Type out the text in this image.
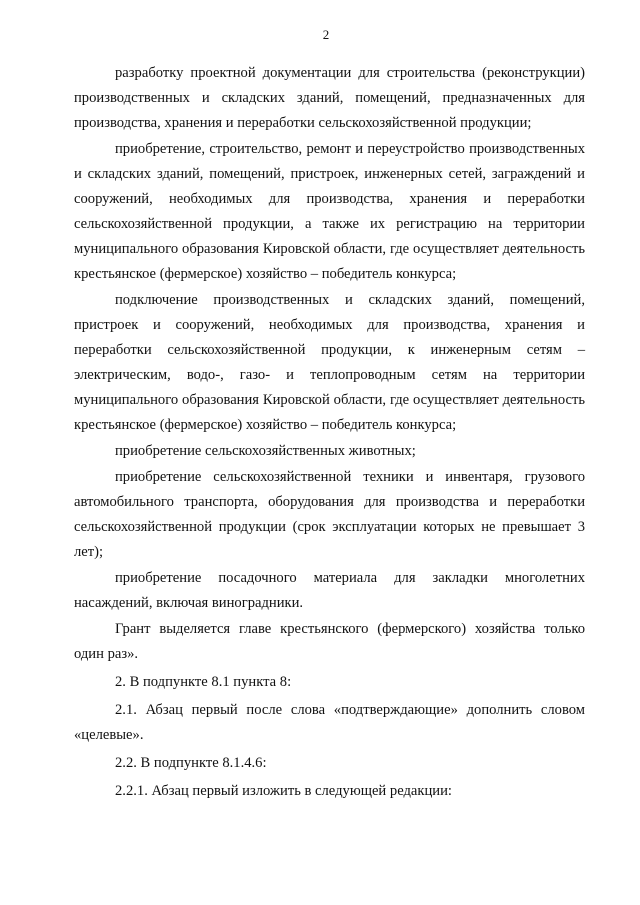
2

разработку проектной документации для строительства (реконструкции) производственных и складских зданий, помещений, предназначенных для производства, хранения и переработки сельскохозяйственной продукции;

приобретение, строительство, ремонт и переустройство производственных и складских зданий, помещений, пристроек, инженерных сетей, заграждений и сооружений, необходимых для производства, хранения и переработки сельскохозяйственной продукции, а также их регистрацию на территории муниципального образования Кировской области, где осуществляет деятельность крестьянское (фермерское) хозяйство – победитель конкурса;

подключение производственных и складских зданий, помещений, пристроек и сооружений, необходимых для производства, хранения и переработки сельскохозяйственной продукции, к инженерным сетям – электрическим, водо-, газо- и теплопроводным сетям на территории муниципального образования Кировской области, где осуществляет деятельность крестьянское (фермерское) хозяйство – победитель конкурса;

приобретение сельскохозяйственных животных;

приобретение сельскохозяйственной техники и инвентаря, грузового автомобильного транспорта, оборудования для производства и переработки сельскохозяйственной продукции (срок эксплуатации которых не превышает 3 лет);

приобретение посадочного материала для закладки многолетних насаждений, включая виноградники.

Грант выделяется главе крестьянского (фермерского) хозяйства только один раз».

2. В подпункте 8.1 пункта 8:

2.1. Абзац первый после слова «подтверждающие» дополнить словом «целевые».

2.2. В подпункте 8.1.4.6:

2.2.1. Абзац первый изложить в следующей редакции:
